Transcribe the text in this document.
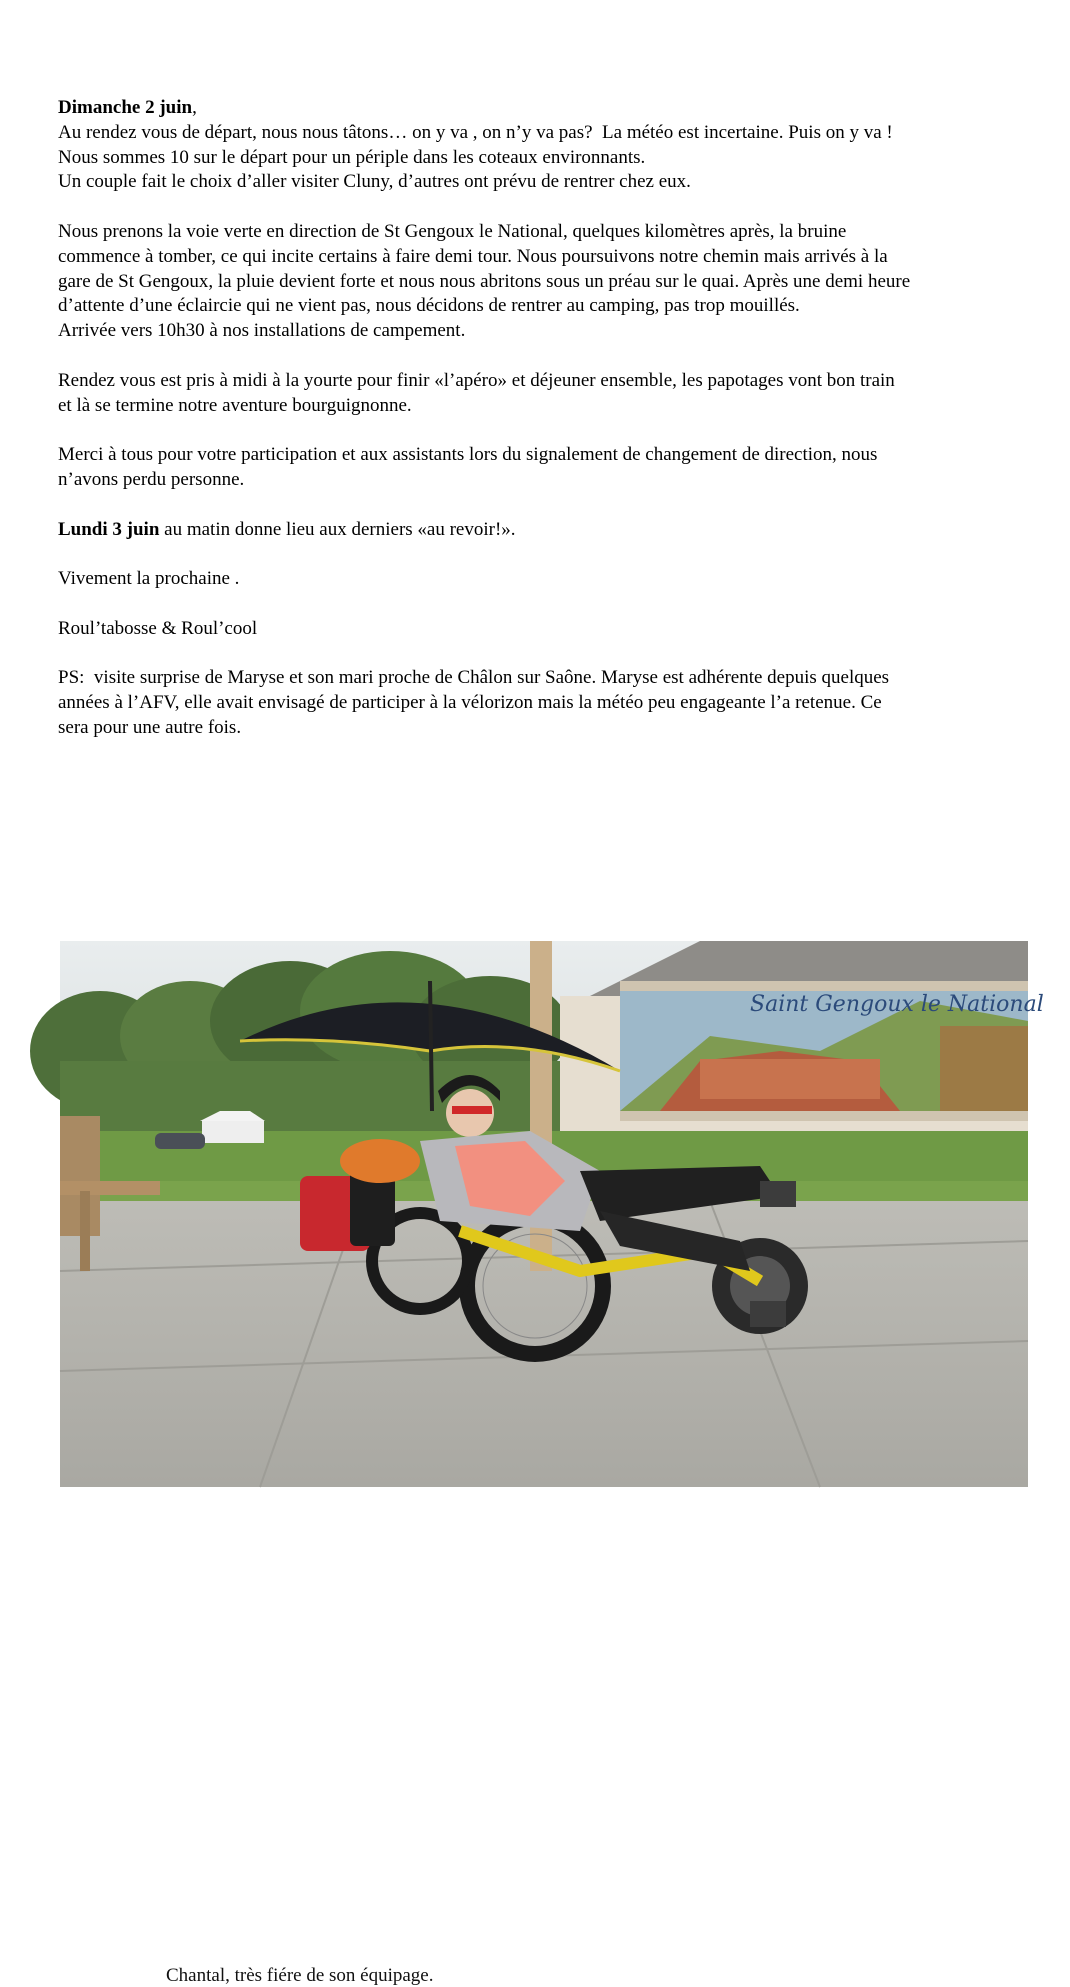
Dimanche 2 juin,

Au rendez vous de départ, nous nous tâtons… on y va , on n’y va pas?  La météo est incertaine. Puis on y va !

Nous sommes 10 sur le départ pour un périple dans les coteaux environnants.

Un couple fait le choix d’aller visiter Cluny, d’autres ont prévu de rentrer chez eux.

Nous prenons la voie verte en direction de St Gengoux le National, quelques kilomètres après, la bruine

commence à tomber, ce qui incite certains à faire demi tour. Nous poursuivons notre chemin mais arrivés à la

gare de St Gengoux, la pluie devient forte et nous nous abritons sous un préau sur le quai. Après une demi heure

d’attente d’une éclaircie qui ne vient pas, nous décidons de rentrer au camping, pas trop mouillés.

Arrivée vers 10h30 à nos installations de campement.

Rendez vous est pris à midi à la yourte pour finir «l’apéro» et déjeuner ensemble, les papotages vont bon train

et là se termine notre aventure bourguignonne.

Merci à tous pour votre participation et aux assistants lors du signalement de changement de direction, nous

n’avons perdu personne.

Lundi 3 juin au matin donne lieu aux derniers «au revoir!».

Vivement la prochaine .

Roul’tabosse & Roul’cool

PS:  visite surprise de Maryse et son mari proche de Châlon sur Saône. Maryse est adhérente depuis quelques

années à l’AFV, elle avait envisagé de participer à la vélorizon mais la météo peu engageante l’a retenue. Ce

sera pour une autre fois.

Saint Gengoux le National
Chantal, très fiére de son équipage.
